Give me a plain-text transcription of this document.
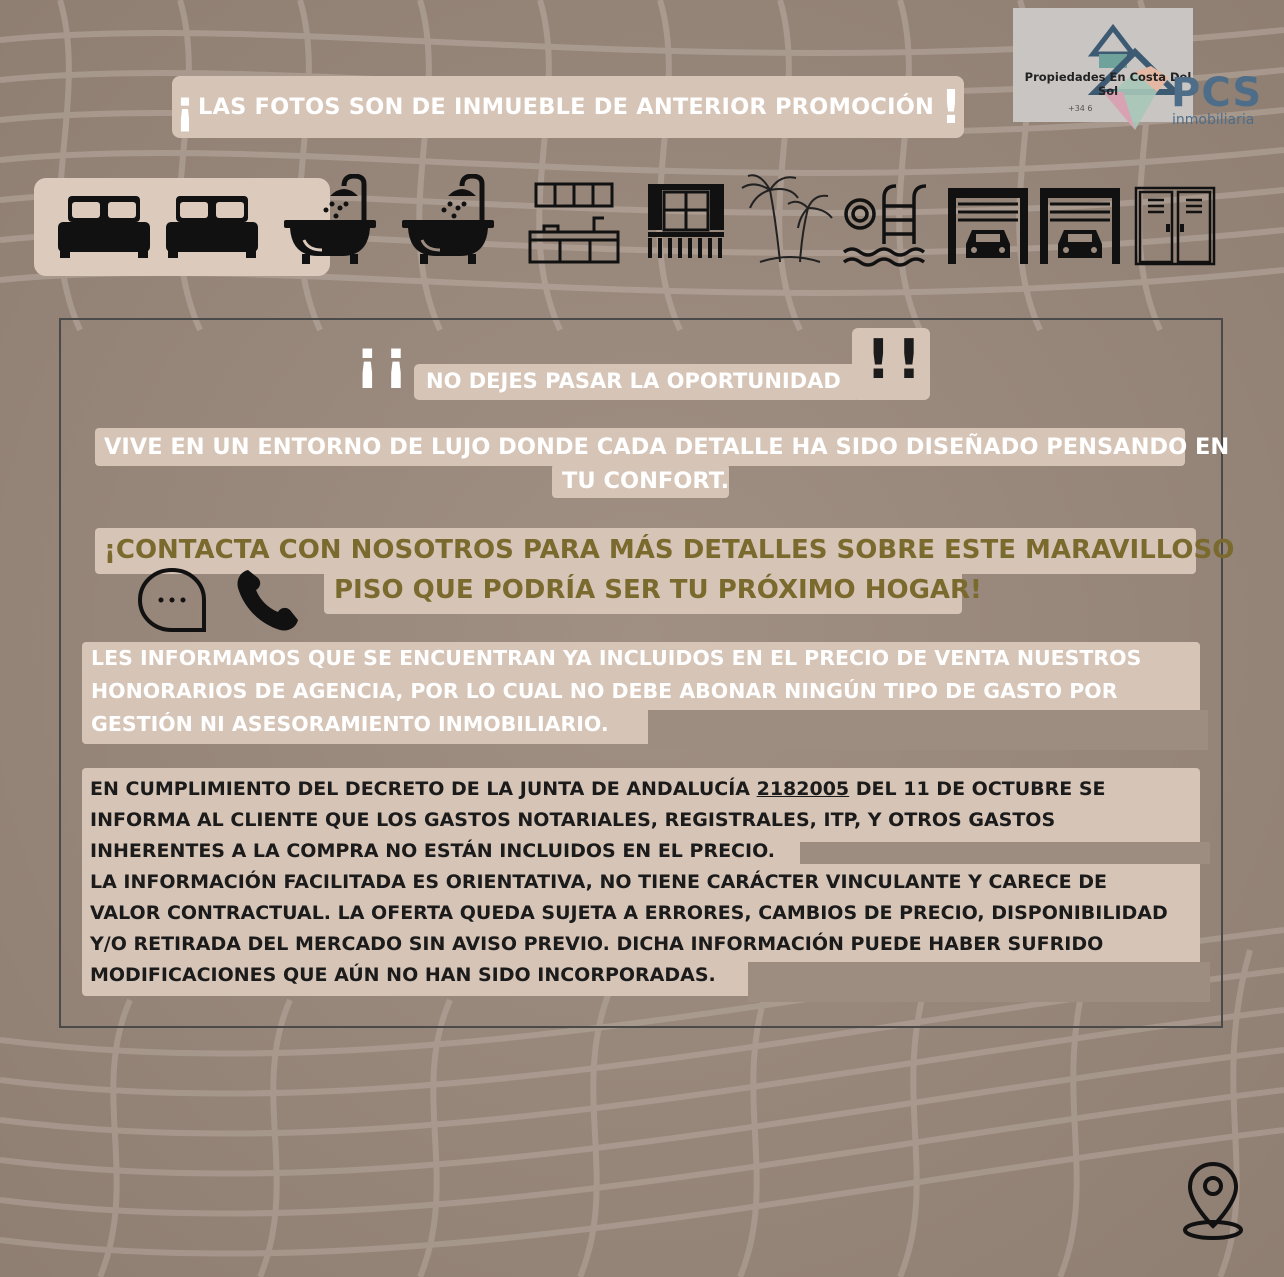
¡ LAS FOTOS SON DE INMUEBLE DE ANTERIOR PROMOCIÓN !
Propiedades En Costa Del Sol
+34 6 PCS
inmobiliaria
¡¡ NO DEJES PASAR LA OPORTUNIDAD !!
VIVE EN UN ENTORNO DE LUJO DONDE CADA DETALLE HA SIDO DISEÑADO PENSANDO EN
TU CONFORT.
¡CONTACTA CON NOSOTROS PARA MÁS DETALLES SOBRE ESTE MARAVILLOSO
PISO QUE PODRÍA SER TU PRÓXIMO HOGAR!
LES INFORMAMOS QUE SE ENCUENTRAN YA INCLUIDOS EN EL PRECIO DE VENTA NUESTROS
HONORARIOS DE AGENCIA, POR LO CUAL NO DEBE ABONAR NINGÚN TIPO DE GASTO POR
GESTIÓN NI ASESORAMIENTO INMOBILIARIO.
EN CUMPLIMIENTO DEL DECRETO DE LA JUNTA DE ANDALUCÍA 2182005 DEL 11 DE OCTUBRE SE
INFORMA AL CLIENTE QUE LOS GASTOS NOTARIALES, REGISTRALES, ITP, Y OTROS GASTOS
INHERENTES A LA COMPRA NO ESTÁN INCLUIDOS EN EL PRECIO.
LA INFORMACIÓN FACILITADA ES ORIENTATIVA, NO TIENE CARÁCTER VINCULANTE Y CARECE DE
VALOR CONTRACTUAL. LA OFERTA QUEDA SUJETA A ERRORES, CAMBIOS DE PRECIO, DISPONIBILIDAD
Y/O RETIRADA DEL MERCADO SIN AVISO PREVIO. DICHA INFORMACIÓN PUEDE HABER SUFRIDO
MODIFICACIONES QUE AÚN NO HAN SIDO INCORPORADAS.
